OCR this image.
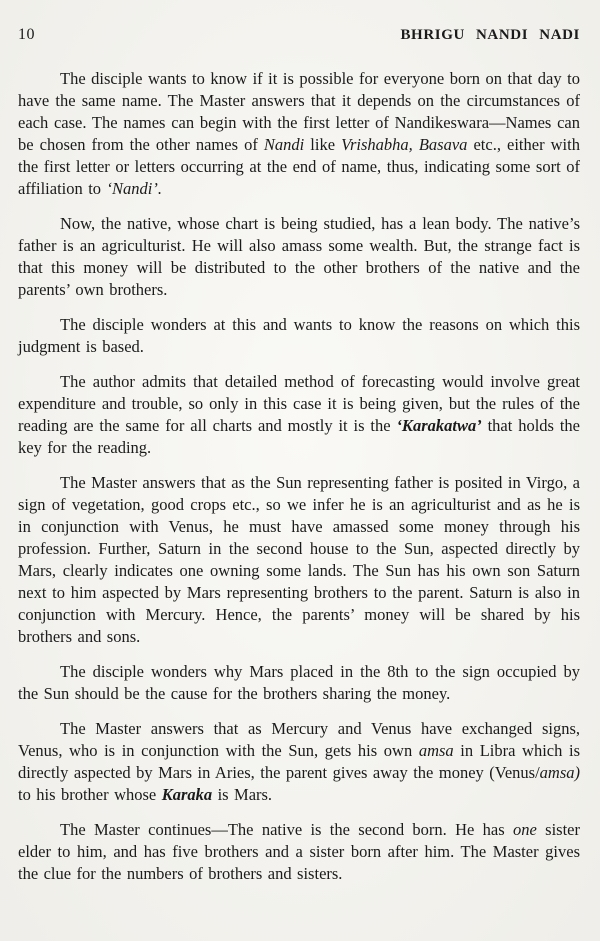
10	BHRIGU NANDI NADI

The disciple wants to know if it is possible for everyone born on that day to have the same name. The Master answers that it depends on the circumstances of each case. The names can begin with the first letter of Nandikeswara—Names can be chosen from the other names of Nandi like Vrishabha, Basava etc., either with the first letter or letters occurring at the end of name, thus, indicating some sort of affiliation to ‘Nandi’.

Now, the native, whose chart is being studied, has a lean body. The native’s father is an agriculturist. He will also amass some wealth. But, the strange fact is that this money will be distributed to the other brothers of the native and the parents’ own brothers.

The disciple wonders at this and wants to know the reasons on which this judgment is based.

The author admits that detailed method of forecasting would involve great expenditure and trouble, so only in this case it is being given, but the rules of the reading are the same for all charts and mostly it is the ‘Karakatwa’ that holds the key for the reading.

The Master answers that as the Sun representing father is posited in Virgo, a sign of vegetation, good crops etc., so we infer he is an agriculturist and as he is in conjunction with Venus, he must have amassed some money through his profession. Further, Saturn in the second house to the Sun, aspected directly by Mars, clearly indicates one owning some lands. The Sun has his own son Saturn next to him aspected by Mars representing brothers to the parent. Saturn is also in conjunction with Mercury. Hence, the parents’ money will be shared by his brothers and sons.

The disciple wonders why Mars placed in the 8th to the sign occupied by the Sun should be the cause for the brothers sharing the money.

The Master answers that as Mercury and Venus have exchanged signs, Venus, who is in conjunction with the Sun, gets his own amsa in Libra which is directly aspected by Mars in Aries, the parent gives away the money (Venus/amsa) to his brother whose Karaka is Mars.

The Master continues—The native is the second born. He has one sister elder to him, and has five brothers and a sister born after him. The Master gives the clue for the numbers of brothers and sisters.
